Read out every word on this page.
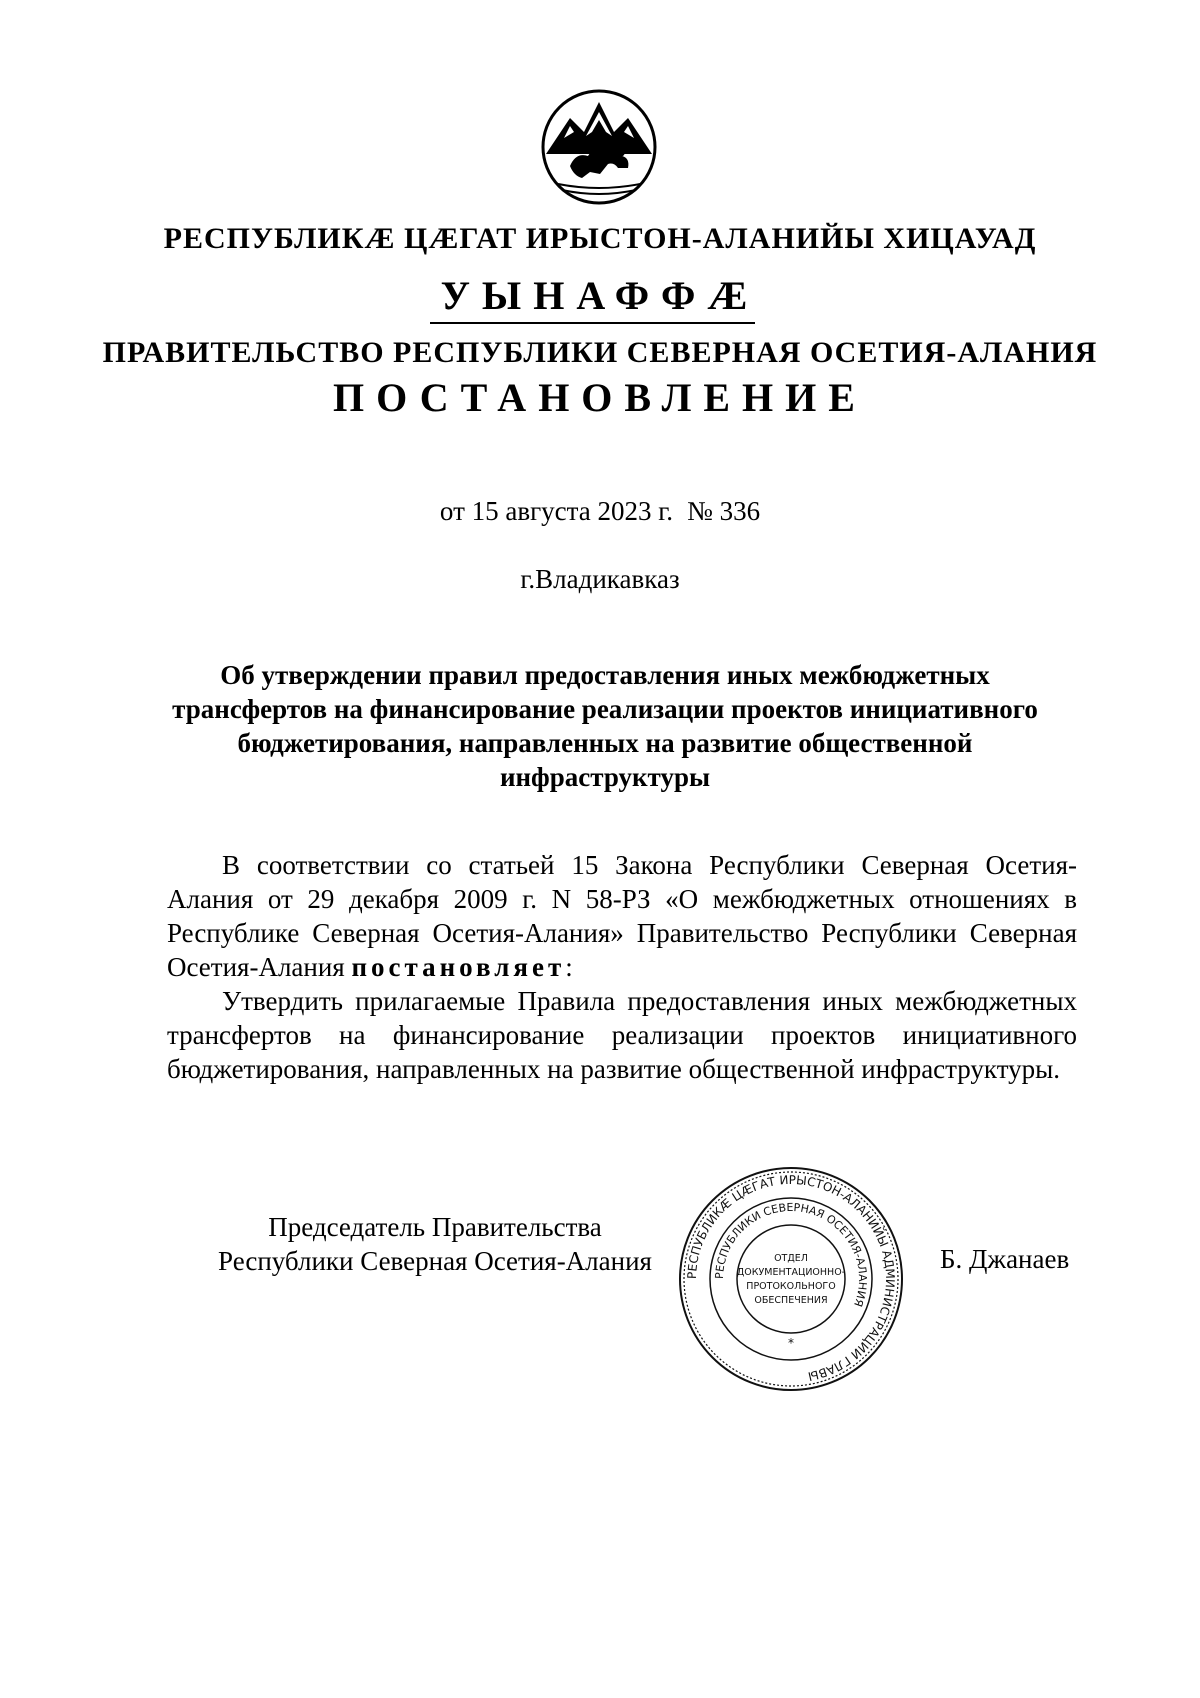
РЕСПУБЛИКӔ ЦӔГАТ ИРЫСТОН-АЛАНИЙЫ ХИЦАУАД
УЫНАФФӔ
ПРАВИТЕЛЬСТВО РЕСПУБЛИКИ СЕВЕРНАЯ ОСЕТИЯ-АЛАНИЯ
ПОСТАНОВЛЕНИЕ
от 15 августа 2023 г. № 336
г.Владикавказ
Об утверждении правил предоставления иных межбюджетных
трансфертов на финансирование реализации проектов инициативного
бюджетирования, направленных на развитие общественной
инфраструктуры

В соответствии со статьей 15 Закона Республики Северная Осетия-Алания от 29 декабря 2009 г. N 58-РЗ «О межбюджетных отношениях в Республике Северная Осетия-Алания» Правительство Республики Северная Осетия-Алания постановляет:

Утвердить прилагаемые Правила предоставления иных межбюджетных трансфертов на финансирование реализации проектов инициативного бюджетирования, направленных на развитие общественной инфраструктуры.

Председатель Правительства
Республики Северная Осетия-Алания	РЕСПУБЛИКӔ ЦӔГАТ ИРЫСТОН-АЛАНИЙЫ АДМИНИСТРАЦИИ ГЛАВЫ
РЕСПУБЛИКИ СЕВЕРНАЯ ОСЕТИЯ-АЛАНИЯ
ОТДЕЛ
ДОКУМЕНТАЦИОННО-
ПРОТОКОЛЬНОГО
ОБЕСПЕЧЕНИЯ
*
Б. Джанаев
